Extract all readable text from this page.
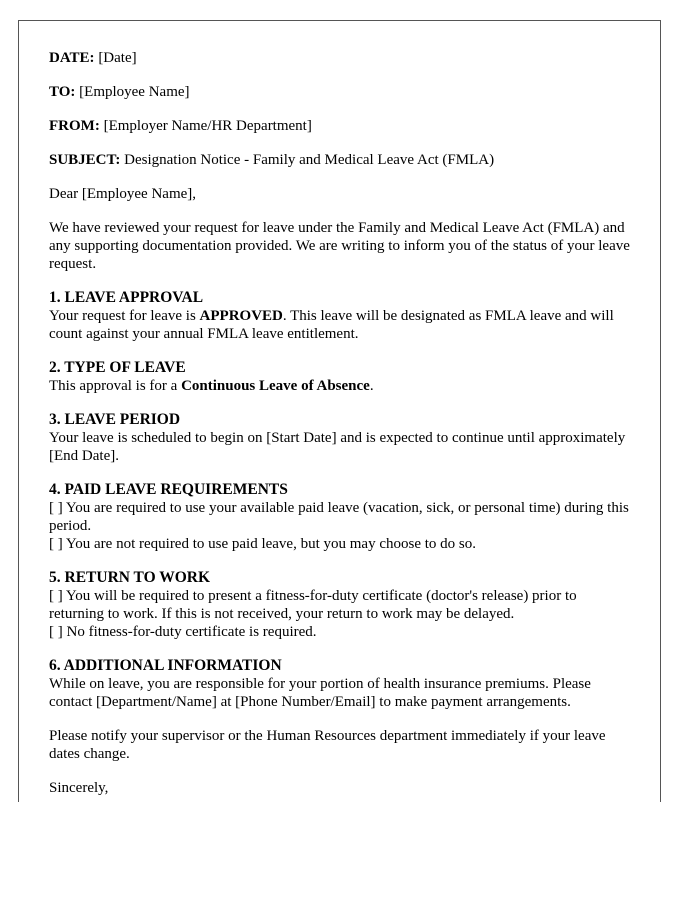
DATE: [Date]
TO: [Employee Name]
FROM: [Employer Name/HR Department]
SUBJECT: Designation Notice - Family and Medical Leave Act (FMLA)

Dear [Employee Name],

We have reviewed your request for leave under the Family and Medical Leave Act (FMLA) and any supporting documentation provided. We are writing to inform you of the status of your leave request.

1. LEAVE APPROVAL
Your request for leave is APPROVED. This leave will be designated as FMLA leave and will count against your annual FMLA leave entitlement.
2. TYPE OF LEAVE
This approval is for a Continuous Leave of Absence.
3. LEAVE PERIOD
Your leave is scheduled to begin on [Start Date] and is expected to continue until approximately [End Date].
4. PAID LEAVE REQUIREMENTS
[ ] You are required to use your available paid leave (vacation, sick, or personal time) during this period.
[ ] You are not required to use paid leave, but you may choose to do so.
5. RETURN TO WORK
[ ] You will be required to present a fitness-for-duty certificate (doctor's release) prior to returning to work. If this is not received, your return to work may be delayed.
[ ] No fitness-for-duty certificate is required.
6. ADDITIONAL INFORMATION
While on leave, you are responsible for your portion of health insurance premiums. Please contact [Department/Name] at [Phone Number/Email] to make payment arrangements.

Please notify your supervisor or the Human Resources department immediately if your leave dates change.

Sincerely,
